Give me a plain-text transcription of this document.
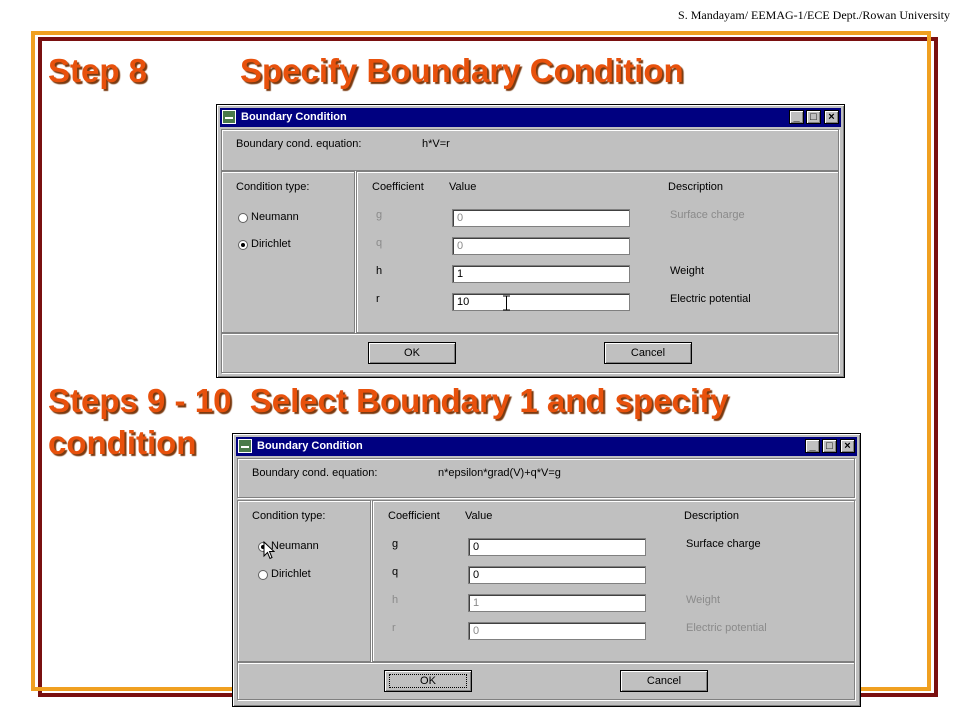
S. Mandayam/ EEMAG-1/ECE Dept./Rowan University
Step 8	Specify Boundary Condition
Boundary Condition	_ □	×
Boundary cond. equation:	h*V=r
Condition type:
Neumann
Dirichlet
Coefficient Value	Description
g	0	Surface charge
q	0
h	1	Weight
r	10	Electric potential
OK	Cancel
Steps 9 - 10  Select Boundary 1 and specify
condition	Boundary Condition	_ □	×
Boundary cond. equation:	n*epsilon*grad(V)+q*V=g
Condition type:
Neumann
Dirichlet
Coefficient Value	Description
g	0	Surface charge
q	0
h	1	Weight
r	0	Electric potential
OK	Cancel
